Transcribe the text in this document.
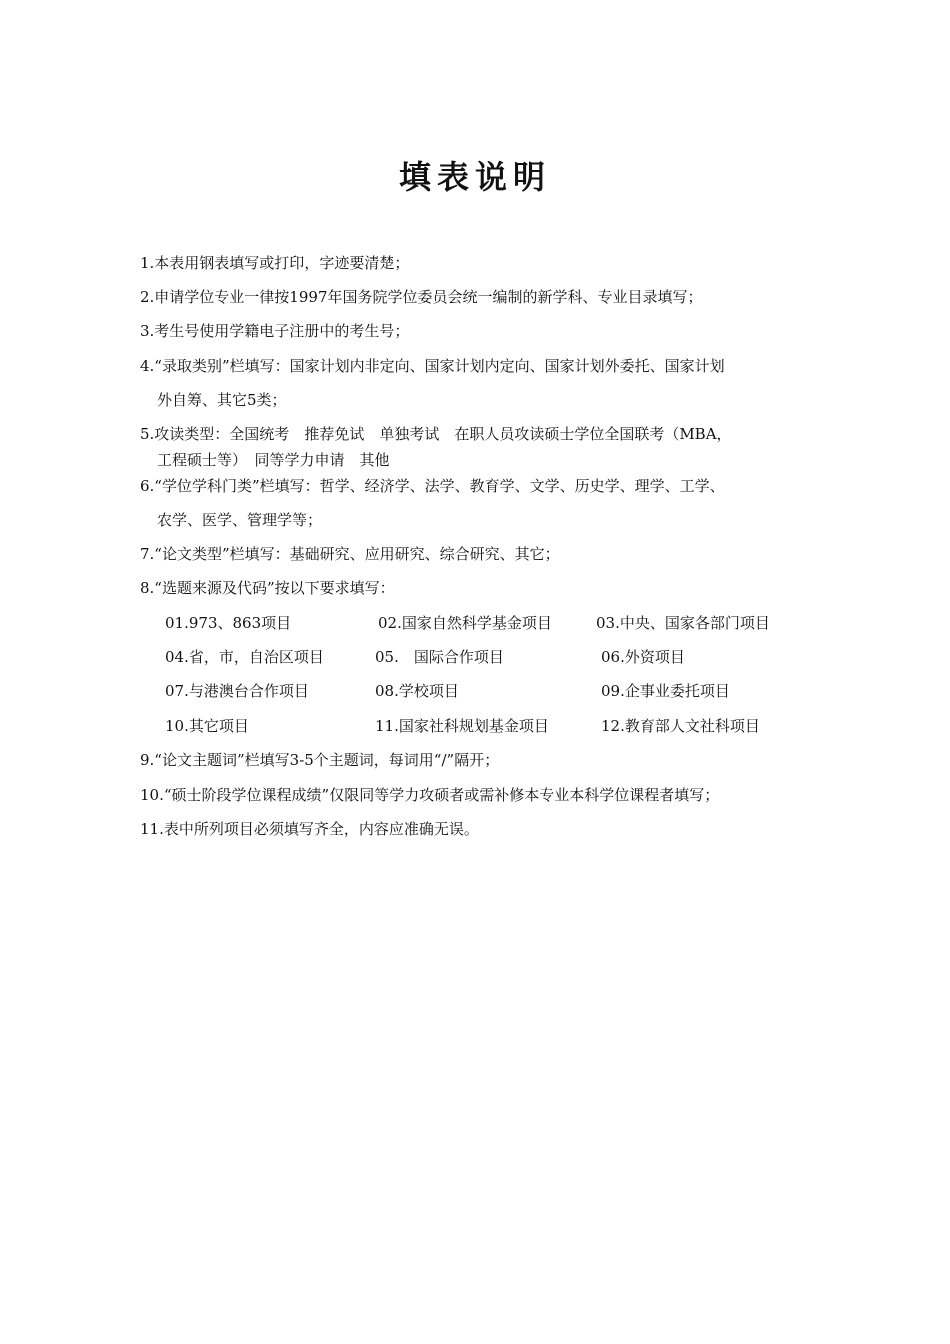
填表说明
1.本表用钢表填写或打印，字迹要清楚；
2.申请学位专业一律按1997年国务院学位委员会统一编制的新学科、专业目录填写；
3.考生号使用学籍电子注册中的考生号；
4.“录取类别”栏填写：国家计划内非定向、国家计划内定向、国家计划外委托、国家计划
外自筹、其它5类；
5.攻读类型：全国统考　推荐免试　单独考试　在职人员攻读硕士学位全国联考（MBA，
工程硕士等）　同等学力申请　其他
6.“学位学科门类”栏填写：哲学、经济学、法学、教育学、文学、历史学、理学、工学、
农学、医学、管理学等；
7.“论文类型”栏填写：基础研究、应用研究、综合研究、其它；
8.“选题来源及代码”按以下要求填写：
01.973、863项目	02.国家自然科学基金项目	03.中央、国家各部门项目
04.省，市，自治区项目	05.　国际合作项目	06.外资项目
07.与港澳台合作项目	08.学校项目	09.企事业委托项目
10.其它项目	11.国家社科规划基金项目	12.教育部人文社科项目
9.“论文主题词”栏填写3-5个主题词，每词用“/”隔开；
10.“硕士阶段学位课程成绩”仅限同等学力攻硕者或需补修本专业本科学位课程者填写；
11.表中所列项目必须填写齐全，内容应准确无误。
